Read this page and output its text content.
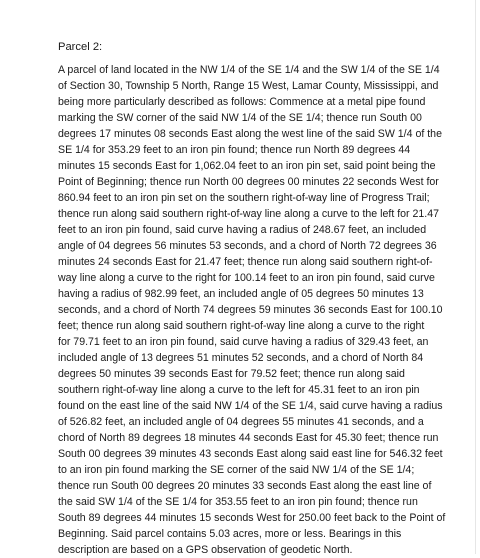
Parcel 2:

A parcel of land located in the NW 1/4 of the SE 1/4 and the SW 1/4 of the SE 1/4
of Section 30, Township 5 North, Range 15 West, Lamar County, Mississippi, and
being more particularly described as follows: Commence at a metal pipe found
marking the SW corner of the said NW 1/4 of the SE 1/4; thence run South 00
degrees 17 minutes 08 seconds East along the west line of the said SW 1/4 of the
SE 1/4 for 353.29 feet to an iron pin found; thence run North 89 degrees 44
minutes 15 seconds East for 1,062.04 feet to an iron pin set, said point being the
Point of Beginning; thence run North 00 degrees 00 minutes 22 seconds West for
860.94 feet to an iron pin set on the southern right-of-way line of Progress Trail;
thence run along said southern right-of-way line along a curve to the left for 21.47
feet to an iron pin found, said curve having a radius of 248.67 feet, an included
angle of 04 degrees 56 minutes 53 seconds, and a chord of North 72 degrees 36
minutes 24 seconds East for 21.47 feet; thence run along said southern right-of-
way line along a curve to the right for 100.14 feet to an iron pin found, said curve
having a radius of 982.99 feet, an included angle of 05 degrees 50 minutes 13
seconds, and a chord of North 74 degrees 59 minutes 36 seconds East for 100.10
feet; thence run along said southern right-of-way line along a curve to the right
for 79.71 feet to an iron pin found, said curve having a radius of 329.43 feet, an
included angle of 13 degrees 51 minutes 52 seconds, and a chord of North 84
degrees 50 minutes 39 seconds East for 79.52 feet; thence run along said
southern right-of-way line along a curve to the left for 45.31 feet to an iron pin
found on the east line of the said NW 1/4 of the SE 1/4, said curve having a radius
of 526.82 feet, an included angle of 04 degrees 55 minutes 41 seconds, and a
chord of North 89 degrees 18 minutes 44 seconds East for 45.30 feet; thence run
South 00 degrees 39 minutes 43 seconds East along said east line for 546.32 feet
to an iron pin found marking the SE corner of the said NW 1/4 of the SE 1/4;
thence run South 00 degrees 20 minutes 33 seconds East along the east line of
the said SW 1/4 of the SE 1/4 for 353.55 feet to an iron pin found; thence run
South 89 degrees 44 minutes 15 seconds West for 250.00 feet back to the Point of
Beginning. Said parcel contains 5.03 acres, more or less. Bearings in this
description are based on a GPS observation of geodetic North.
